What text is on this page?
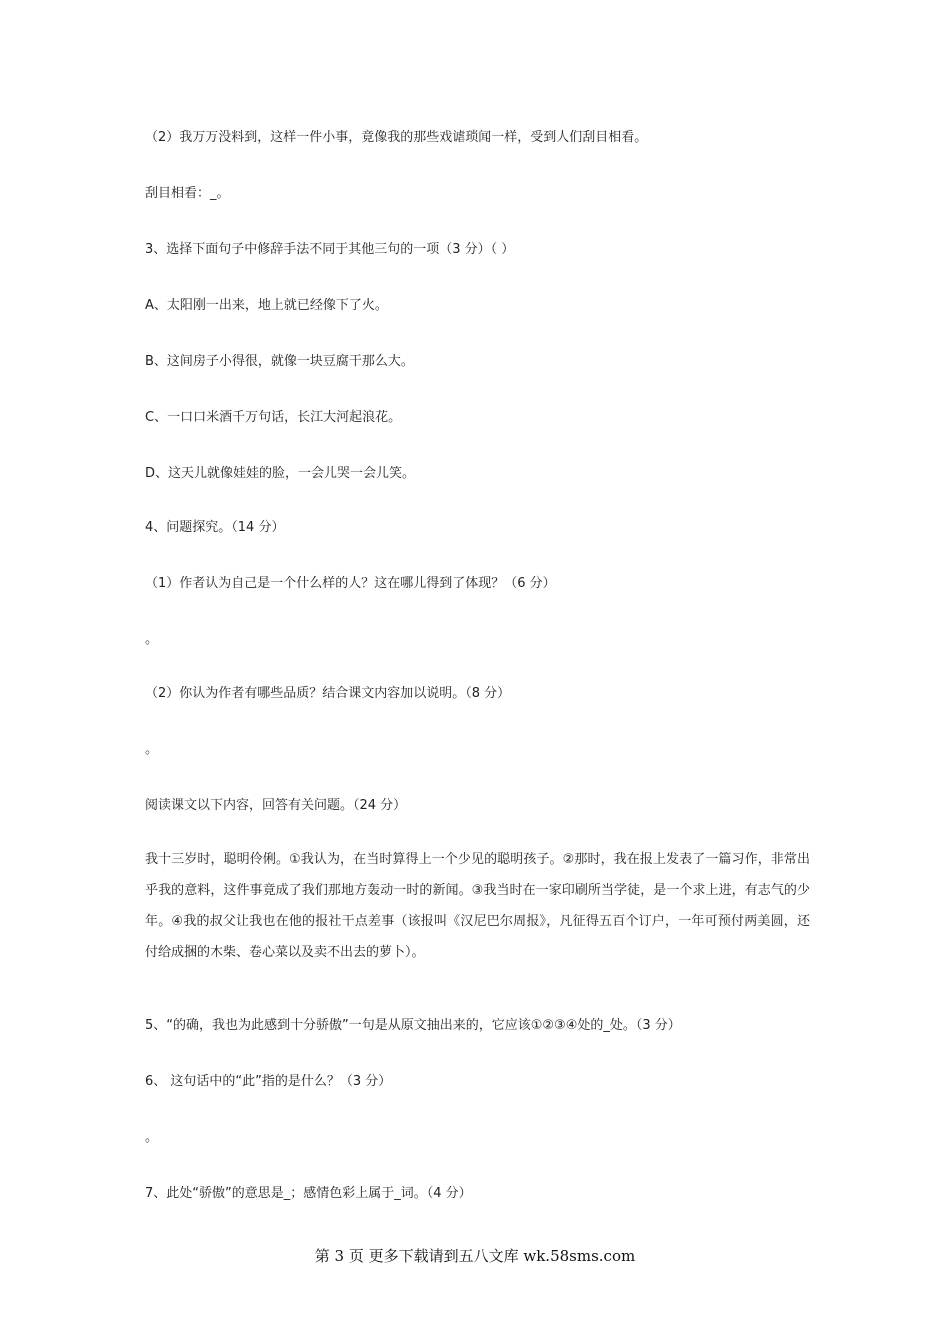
（2）我万万没料到，这样一件小事，竟像我的那些戏谑琐闻一样，受到人们刮目相看。
刮目相看：_。
3、选择下面句子中修辞手法不同于其他三句的一项（3 分）（ ）
A、太阳刚一出来，地上就已经像下了火。
B、这间房子小得很，就像一块豆腐干那么大。
C、一口口米酒千万句话，长江大河起浪花。
D、这天儿就像娃娃的脸，一会儿哭一会儿笑。
4、问题探究。（14 分）
（1）作者认为自己是一个什么样的人？这在哪儿得到了体现？（6 分）
。
（2）你认为作者有哪些品质？结合课文内容加以说明。（8 分）
。
阅读课文以下内容，回答有关问题。（24 分）
我十三岁时，聪明伶俐。①我认为，在当时算得上一个少见的聪明孩子。②那时，我在报上发表了一篇习作，非常出乎我的意料，这件事竟成了我们那地方轰动一时的新闻。③我当时在一家印刷所当学徒，是一个求上进，有志气的少年。④我的叔父让我也在他的报社干点差事（该报叫《汉尼巴尔周报》，凡征得五百个订户，一年可预付两美圆，还付给成捆的木柴、卷心菜以及卖不出去的萝卜）。
5、“的确，我也为此感到十分骄傲”一句是从原文抽出来的，它应该①②③④处的_处。（3 分）
6、 这句话中的“此”指的是什么？（3 分）
。
7、此处“骄傲”的意思是_；感情色彩上属于_词。（4 分）
第 3 页 更多下载请到五八文库 wk.58sms.com
